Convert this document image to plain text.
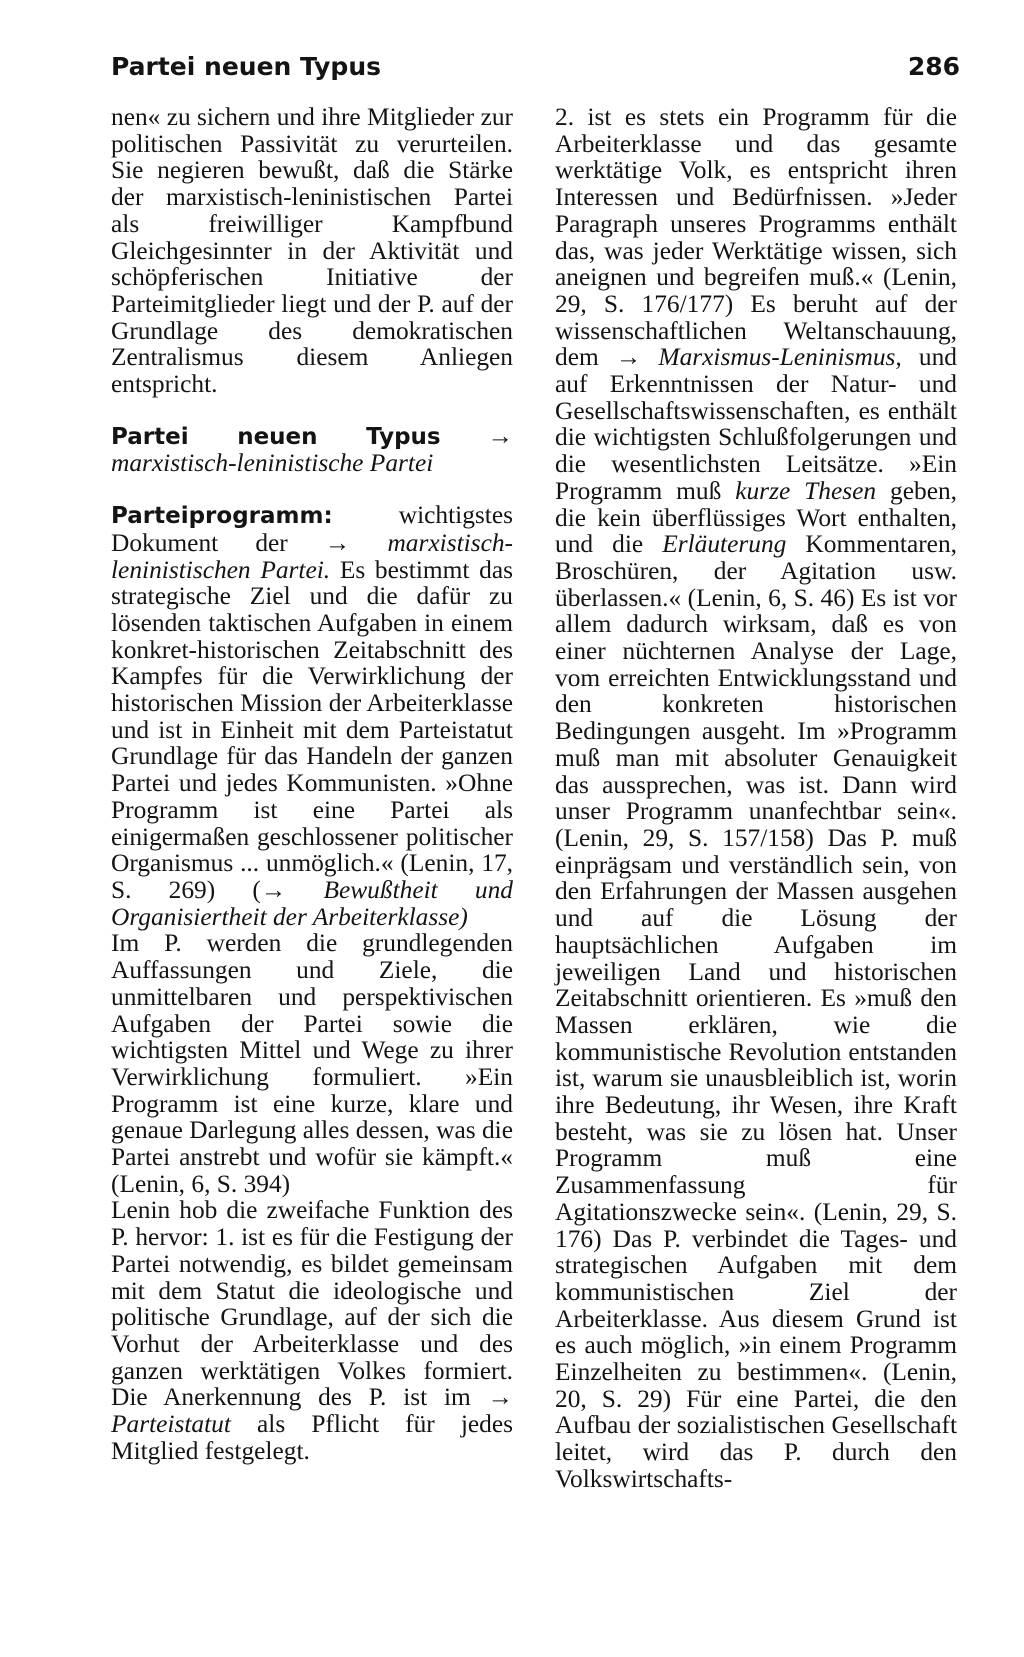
Partei neuen Typus	286

nen« zu sichern und ihre Mitglieder zur politischen Passivität zu verurteilen. Sie negieren bewußt, daß die Stärke der marxistisch-leninistischen Partei als freiwilliger Kampfbund Gleichgesinnter in der Aktivität und schöpferischen Initiative der Parteimitglieder liegt und der P. auf der Grundlage des demokratischen Zentralismus diesem Anliegen entspricht.

Partei neuen Typus → marxistisch-leninistische Partei

Parteiprogramm: wichtigstes Dokument der → marxistisch-leninistischen Partei. Es bestimmt das strategische Ziel und die dafür zu lösenden taktischen Aufgaben in einem konkret-historischen Zeitabschnitt des Kampfes für die Verwirklichung der historischen Mission der Arbeiterklasse und ist in Einheit mit dem Parteistatut Grundlage für das Handeln der ganzen Partei und jedes Kommunisten. »Ohne Programm ist eine Partei als einigermaßen geschlossener politischer Organismus ... unmöglich.« (Lenin, 17, S. 269) (→ Bewußtheit und Organisiertheit der Arbeiterklasse)

Im P. werden die grundlegenden Auffassungen und Ziele, die unmittelbaren und perspektivischen Aufgaben der Partei sowie die wichtigsten Mittel und Wege zu ihrer Verwirklichung formuliert. »Ein Programm ist eine kurze, klare und genaue Darlegung alles dessen, was die Partei anstrebt und wofür sie kämpft.« (Lenin, 6, S. 394)

Lenin hob die zweifache Funktion des P. hervor: 1. ist es für die Festigung der Partei notwendig, es bildet gemeinsam mit dem Statut die ideologische und politische Grundlage, auf der sich die Vorhut der Arbeiterklasse und des ganzen werktätigen Volkes formiert. Die Anerkennung des P. ist im → Parteistatut als Pflicht für jedes Mitglied festgelegt.

2. ist es stets ein Programm für die Arbeiterklasse und das gesamte werktätige Volk, es entspricht ihren Interessen und Bedürfnissen. »Jeder Paragraph unseres Programms enthält das, was jeder Werktätige wissen, sich aneignen und begreifen muß.« (Lenin, 29, S. 176/177) Es beruht auf der wissenschaftlichen Weltanschauung, dem → Marxismus-Leninismus, und auf Erkenntnissen der Natur- und Gesellschaftswissenschaften, es enthält die wichtigsten Schlußfolgerungen und die wesentlichsten Leitsätze. »Ein Programm muß kurze Thesen geben, die kein überflüssiges Wort enthalten, und die Erläuterung Kommentaren, Broschüren, der Agitation usw. überlassen.« (Lenin, 6, S. 46) Es ist vor allem dadurch wirksam, daß es von einer nüchternen Analyse der Lage, vom erreichten Entwicklungsstand und den konkreten historischen Bedingungen ausgeht. Im »Programm muß man mit absoluter Genauigkeit das aussprechen, was ist. Dann wird unser Programm unanfechtbar sein«. (Lenin, 29, S. 157/158) Das P. muß einprägsam und verständlich sein, von den Erfahrungen der Massen ausgehen und auf die Lösung der hauptsächlichen Aufgaben im jeweiligen Land und historischen Zeitabschnitt orientieren. Es »muß den Massen erklären, wie die kommunistische Revolution entstanden ist, warum sie unausbleiblich ist, worin ihre Bedeutung, ihr Wesen, ihre Kraft besteht, was sie zu lösen hat. Unser Programm muß eine Zusammenfassung für Agitationszwecke sein«. (Lenin, 29, S. 176) Das P. verbindet die Tages- und strategischen Aufgaben mit dem kommunistischen Ziel der Arbeiterklasse. Aus diesem Grund ist es auch möglich, »in einem Programm Einzelheiten zu bestimmen«. (Lenin, 20, S. 29) Für eine Partei, die den Aufbau der sozialistischen Gesellschaft leitet, wird das P. durch den Volkswirtschafts-
